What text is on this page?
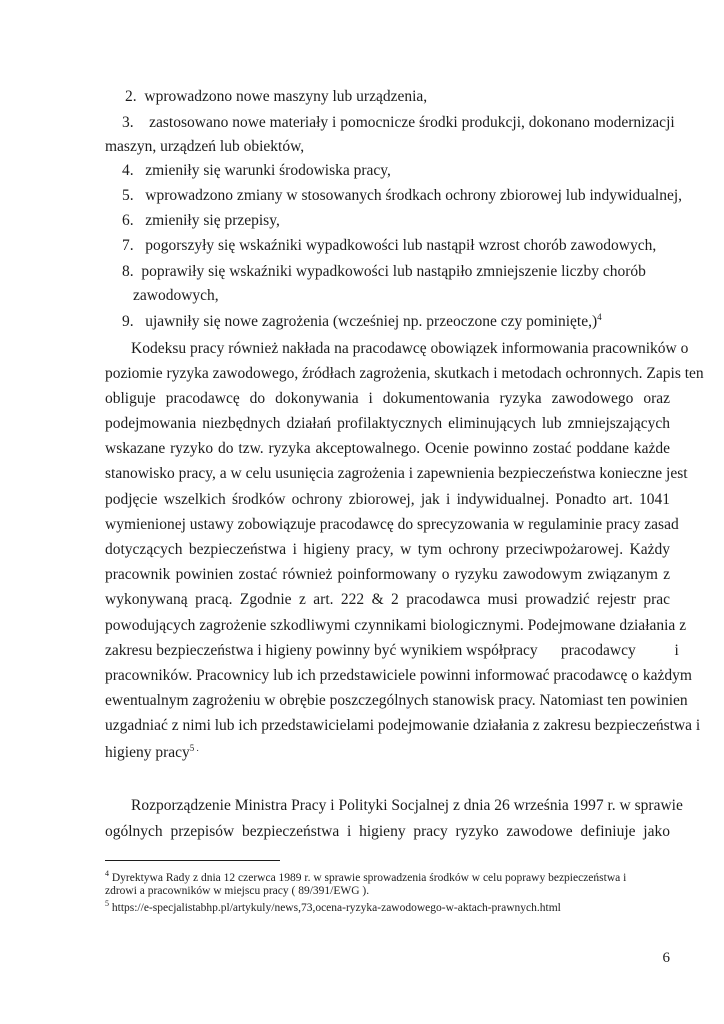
2. wprowadzono nowe maszyny lub urządzenia,
3. zastosowano nowe materiały i pomocnicze środki produkcji, dokonano modernizacji
maszyn, urządzeń lub obiektów,
4. zmieniły się warunki środowiska pracy,
5. wprowadzono zmiany w stosowanych środkach ochrony zbiorowej lub indywidualnej,
6. zmieniły się przepisy,
7. pogorszyły się wskaźniki wypadkowości lub nastąpił wzrost chorób zawodowych,
8. poprawiły się wskaźniki wypadkowości lub nastąpiło zmniejszenie liczby chorób
zawodowych,
9. ujawniły się nowe zagrożenia (wcześniej np. przeoczone czy pominięte,)$^4$
Kodeksu pracy również nakłada na pracodawcę obowiązek informowania pracowników o
poziomie ryzyka zawodowego, źródłach zagrożenia, skutkach i metodach ochronnych. Zapis ten
obliguje pracodawcę do dokonywania i dokumentowania ryzyka zawodowego oraz
podejmowania niezbędnych działań profilaktycznych eliminujących lub zmniejszających
wskazane ryzyko do tzw. ryzyka akceptowalnego. Ocenie powinno zostać poddane każde
stanowisko pracy, a w celu usunięcia zagrożenia i zapewnienia bezpieczeństwa konieczne jest
podjęcie wszelkich środków ochrony zbiorowej, jak i indywidualnej. Ponadto art. 1041
wymienionej ustawy zobowiązuje pracodawcę do sprecyzowania w regulaminie pracy zasad
dotyczących bezpieczeństwa i higieny pracy, w tym ochrony przeciwpożarowej. Każdy
pracownik powinien zostać również poinformowany o ryzyku zawodowym związanym z
wykonywaną pracą. Zgodnie z art. 222 & 2 pracodawca musi prowadzić rejestr prac
powodujących zagrożenie szkodliwymi czynnikami biologicznymi. Podejmowane działania z
zakresu bezpieczeństwa i higieny powinny być wynikiem współpracy      pracodawcy          i
pracowników. Pracownicy lub ich przedstawiciele powinni informować pracodawcę o każdym
ewentualnym zagrożeniu w obrębie poszczególnych stanowisk pracy. Natomiast ten powinien
uzgadniać z nimi lub ich przedstawicielami podejmowanie działania z zakresu bezpieczeństwa i
higieny pracy$^{5 .}$
Rozporządzenie Ministra Pracy i Polityki Socjalnej z dnia 26 września 1997 r. w sprawie
ogólnych przepisów bezpieczeństwa i higieny pracy ryzyko zawodowe definiuje jako
$^4$ Dyrektywa Rady z dnia 12 czerwca 1989 r. w sprawie sprowadzenia środków w celu poprawy bezpieczeństwa i
zdrowi a pracowników w miejscu pracy ( 89/391/EWG ).
$^5$ https://e-specjalistabhp.pl/artykuly/news,73,ocena-ryzyka-zawodowego-w-aktach-prawnych.html
6
